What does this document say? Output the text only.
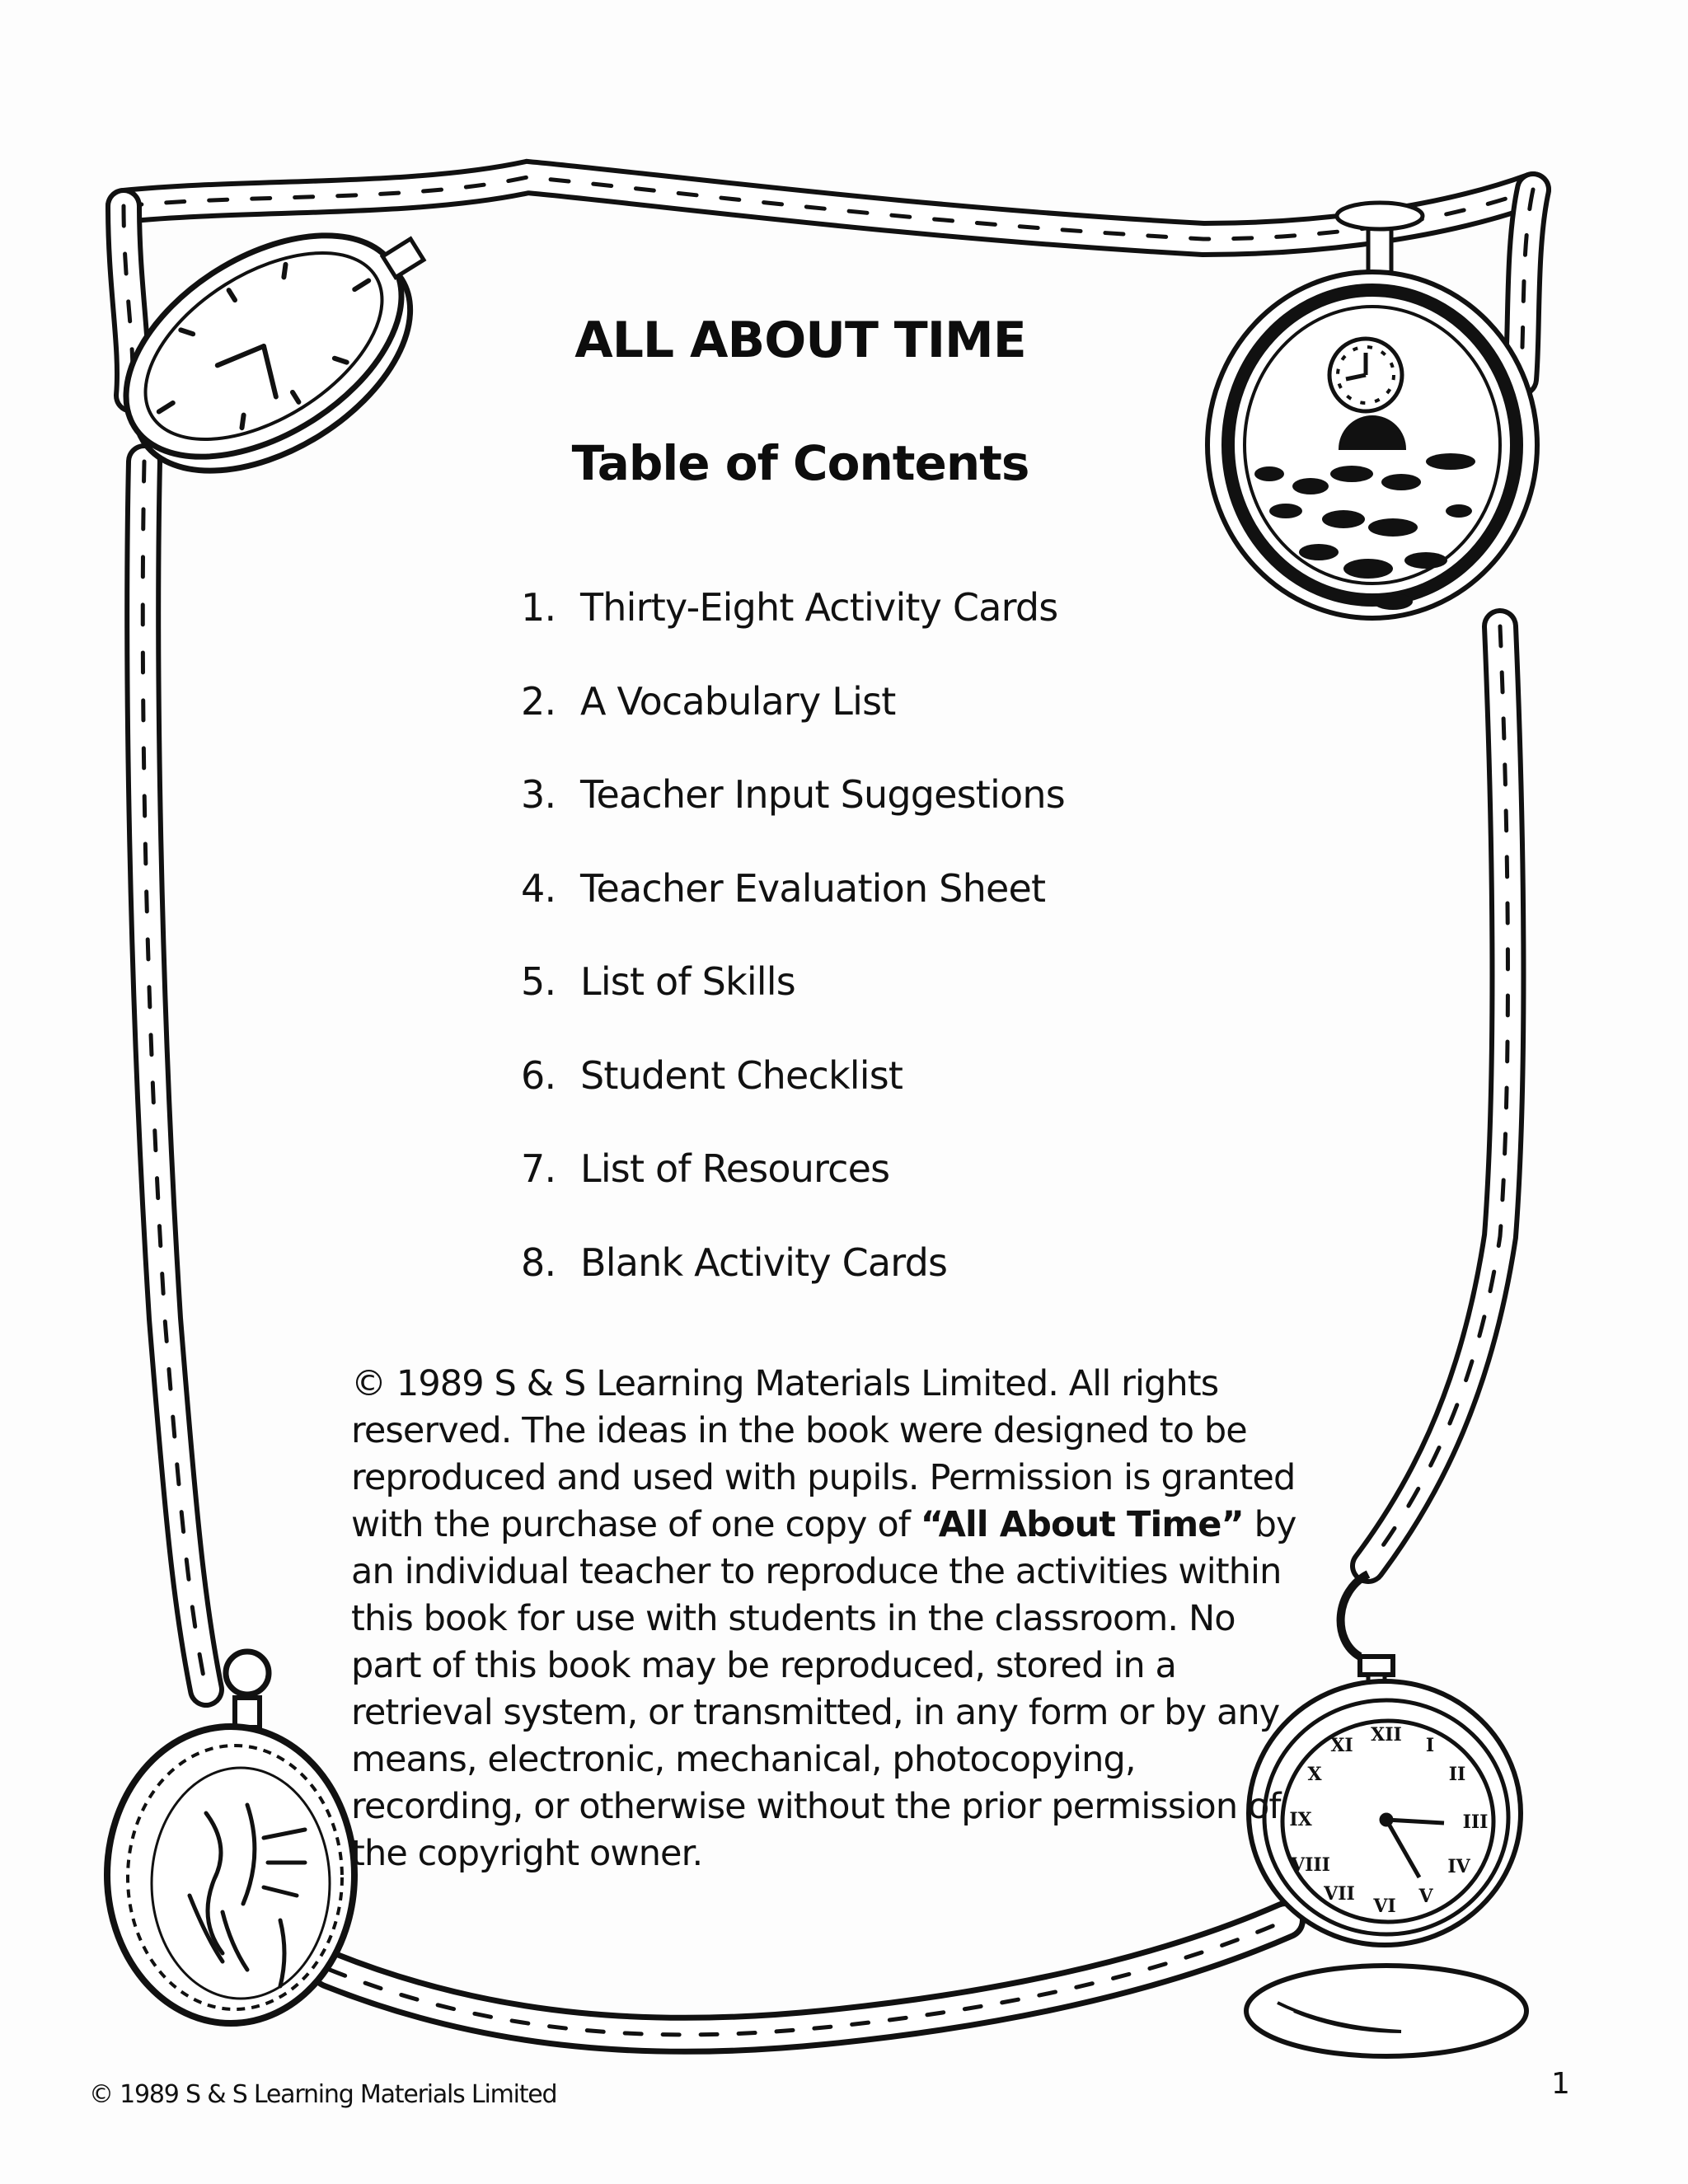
XII I
II
III
IV
V
VI
VII
VIII
IX
X
XI
ALL ABOUT TIME
Table of Contents
1. Thirty-Eight Activity Cards
2. A Vocabulary List
3. Teacher Input Suggestions
4. Teacher Evaluation Sheet
5. List of Skills
6. Student Checklist
7. List of Resources
8. Blank Activity Cards

© 1989 S & S Learning Materials Limited. All rights reserved. The ideas in the book were designed to be reproduced and used with pupils. Permission is granted with the purchase of one copy of “All About Time” by an individual teacher to reproduce the activities within this book for use with students in the classroom. No part of this book may be reproduced, stored in a retrieval system, or transmitted, in any form or by any means, electronic, mechanical, photocopying, recording, or otherwise without the prior permission of the copyright owner.

© 1989 S & S Learning Materials Limited	1
